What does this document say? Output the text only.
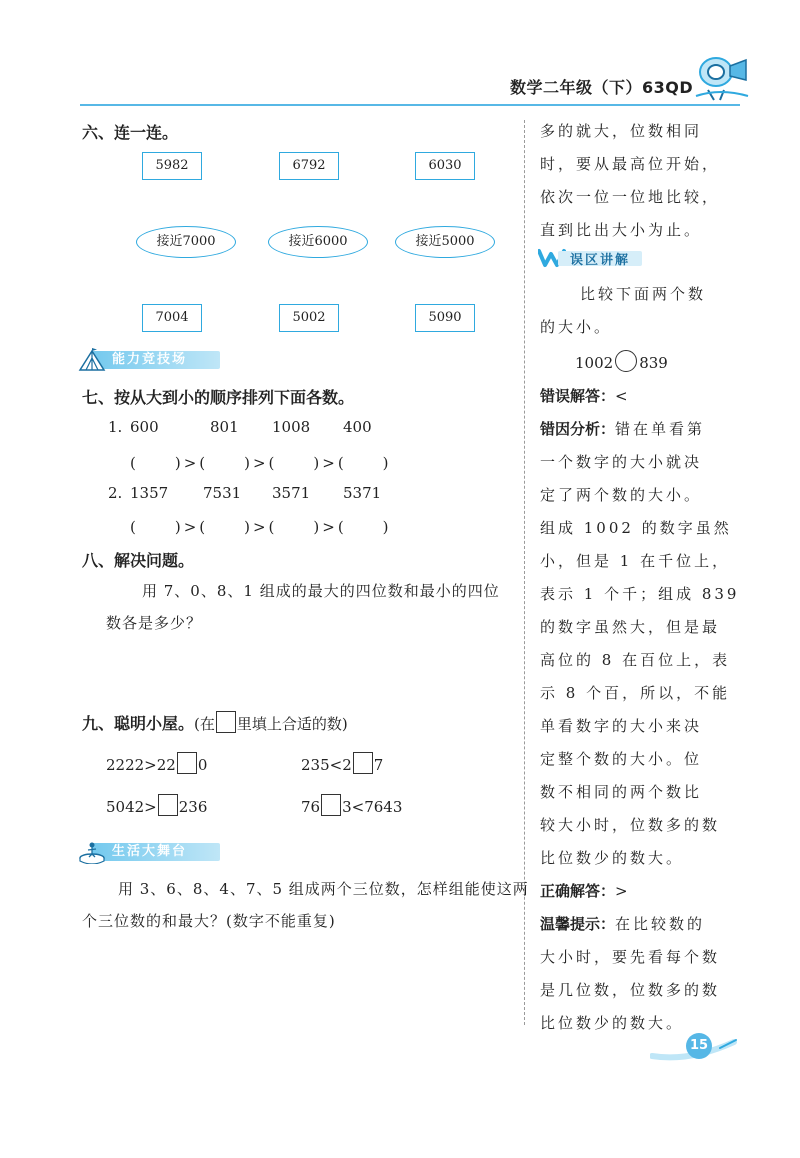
数学二年级（下）63QD
六、连一连。
5982	6792	6030
接近7000	接近6000	接近5000
7004	5002	5090
能力竞技场
七、按从大到小的顺序排列下面各数。
1. 600	801 1008 400
(　　)>(　　)>(　　)>(　　)
2. 1357 7531 3571 5371
(　　)>(　　)>(　　)>(　　)
八、解决问题。
用 7、0、8、1 组成的最大的四位数和最小的四位
数各是多少？
九、聪明小屋。(在 里填上合适的数)
2222>22 0	235<2 7
5042> 236	76 3<7643
生活大舞台
用 3、6、8、4、7、5 组成两个三位数，怎样组能使这两
个三位数的和最大？(数字不能重复)
多的就大，位数相同
时，要从最高位开始，
依次一位一位地比较，
直到比出大小为止。
误区讲解
比较下面两个数
的大小。
1002 839
错误解答：<
错因分析：错在单看第
一个数字的大小就决
定了两个数的大小。
组成 1002 的数字虽然
小，但是 1 在千位上，
表示 1 个千；组成 839
的数字虽然大，但是最
高位的 8 在百位上，表
示 8 个百，所以，不能
单看数字的大小来决
定整个数的大小。位
数不相同的两个数比
较大小时，位数多的数
比位数少的数大。
正确解答：>
温馨提示：在比较数的
大小时，要先看每个数
是几位数，位数多的数
比位数少的数大。
15
